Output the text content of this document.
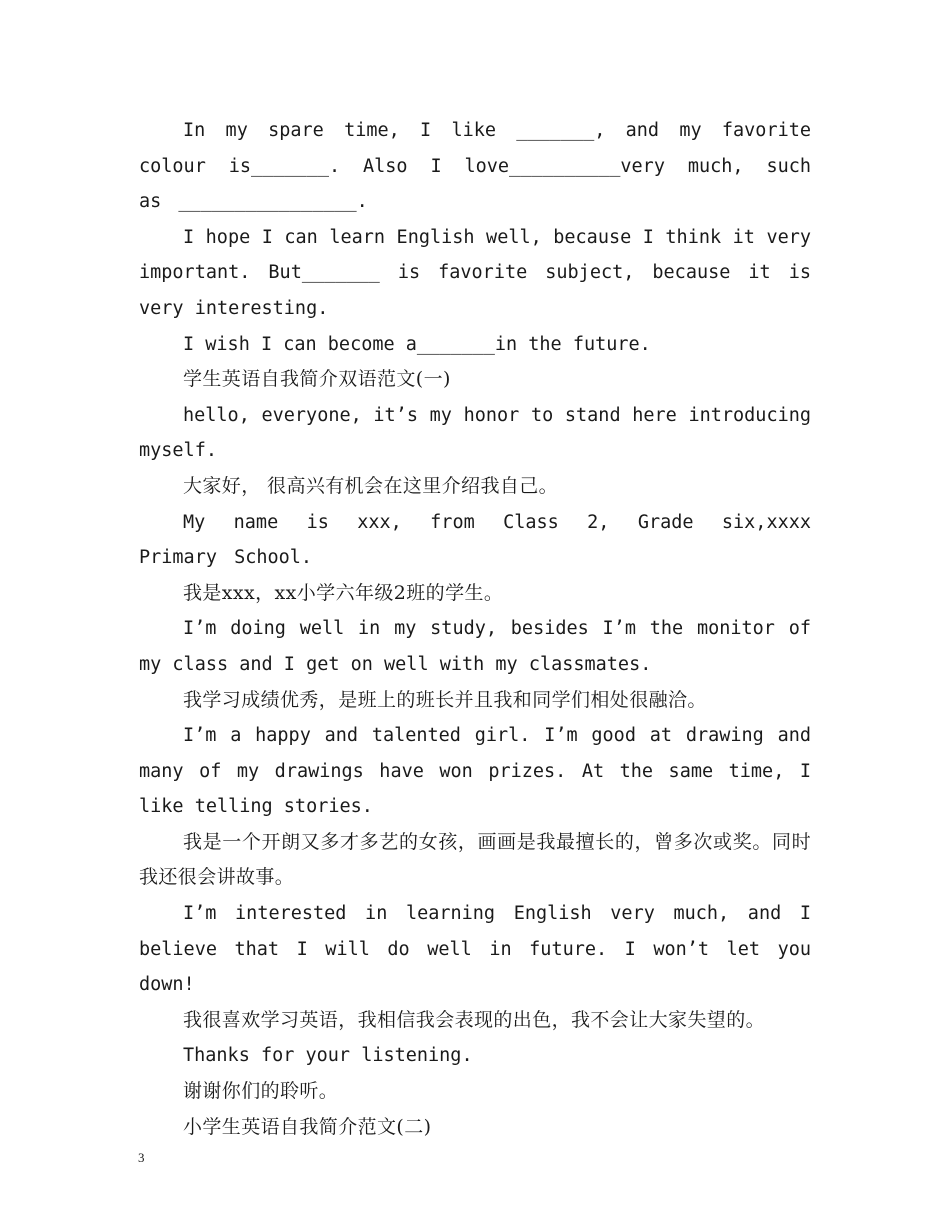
In my spare time, I like _______, and my favorite colour is_______. Also I love__________very much, such as ________________.

I hope I can learn English well, because I think it very important. But_______ is favorite subject, because it is very interesting.

I wish I can become a_______in the future.

学生英语自我简介双语范文(一)

hello, everyone, it’s my honor to stand here introducing myself.

大家好， 很高兴有机会在这里介绍我自己。

My name is xxx, from Class 2, Grade six,xxxx Primary School.

我是xxx，xx小学六年级2班的学生。

I’m doing well in my study, besides I’m the monitor of my class and I get on well with my classmates.

我学习成绩优秀，是班上的班长并且我和同学们相处很融洽。

I’m a happy and talented girl. I’m good at drawing and many of my drawings have won prizes. At the same time, I like telling stories.

我是一个开朗又多才多艺的女孩，画画是我最擅长的，曾多次或奖。同时我还很会讲故事。

I’m interested in learning English very much, and I believe that I will do well in future. I won’t let you down!

我很喜欢学习英语，我相信我会表现的出色，我不会让大家失望的。

Thanks for your listening.

谢谢你们的聆听。

小学生英语自我简介范文(二)

3
